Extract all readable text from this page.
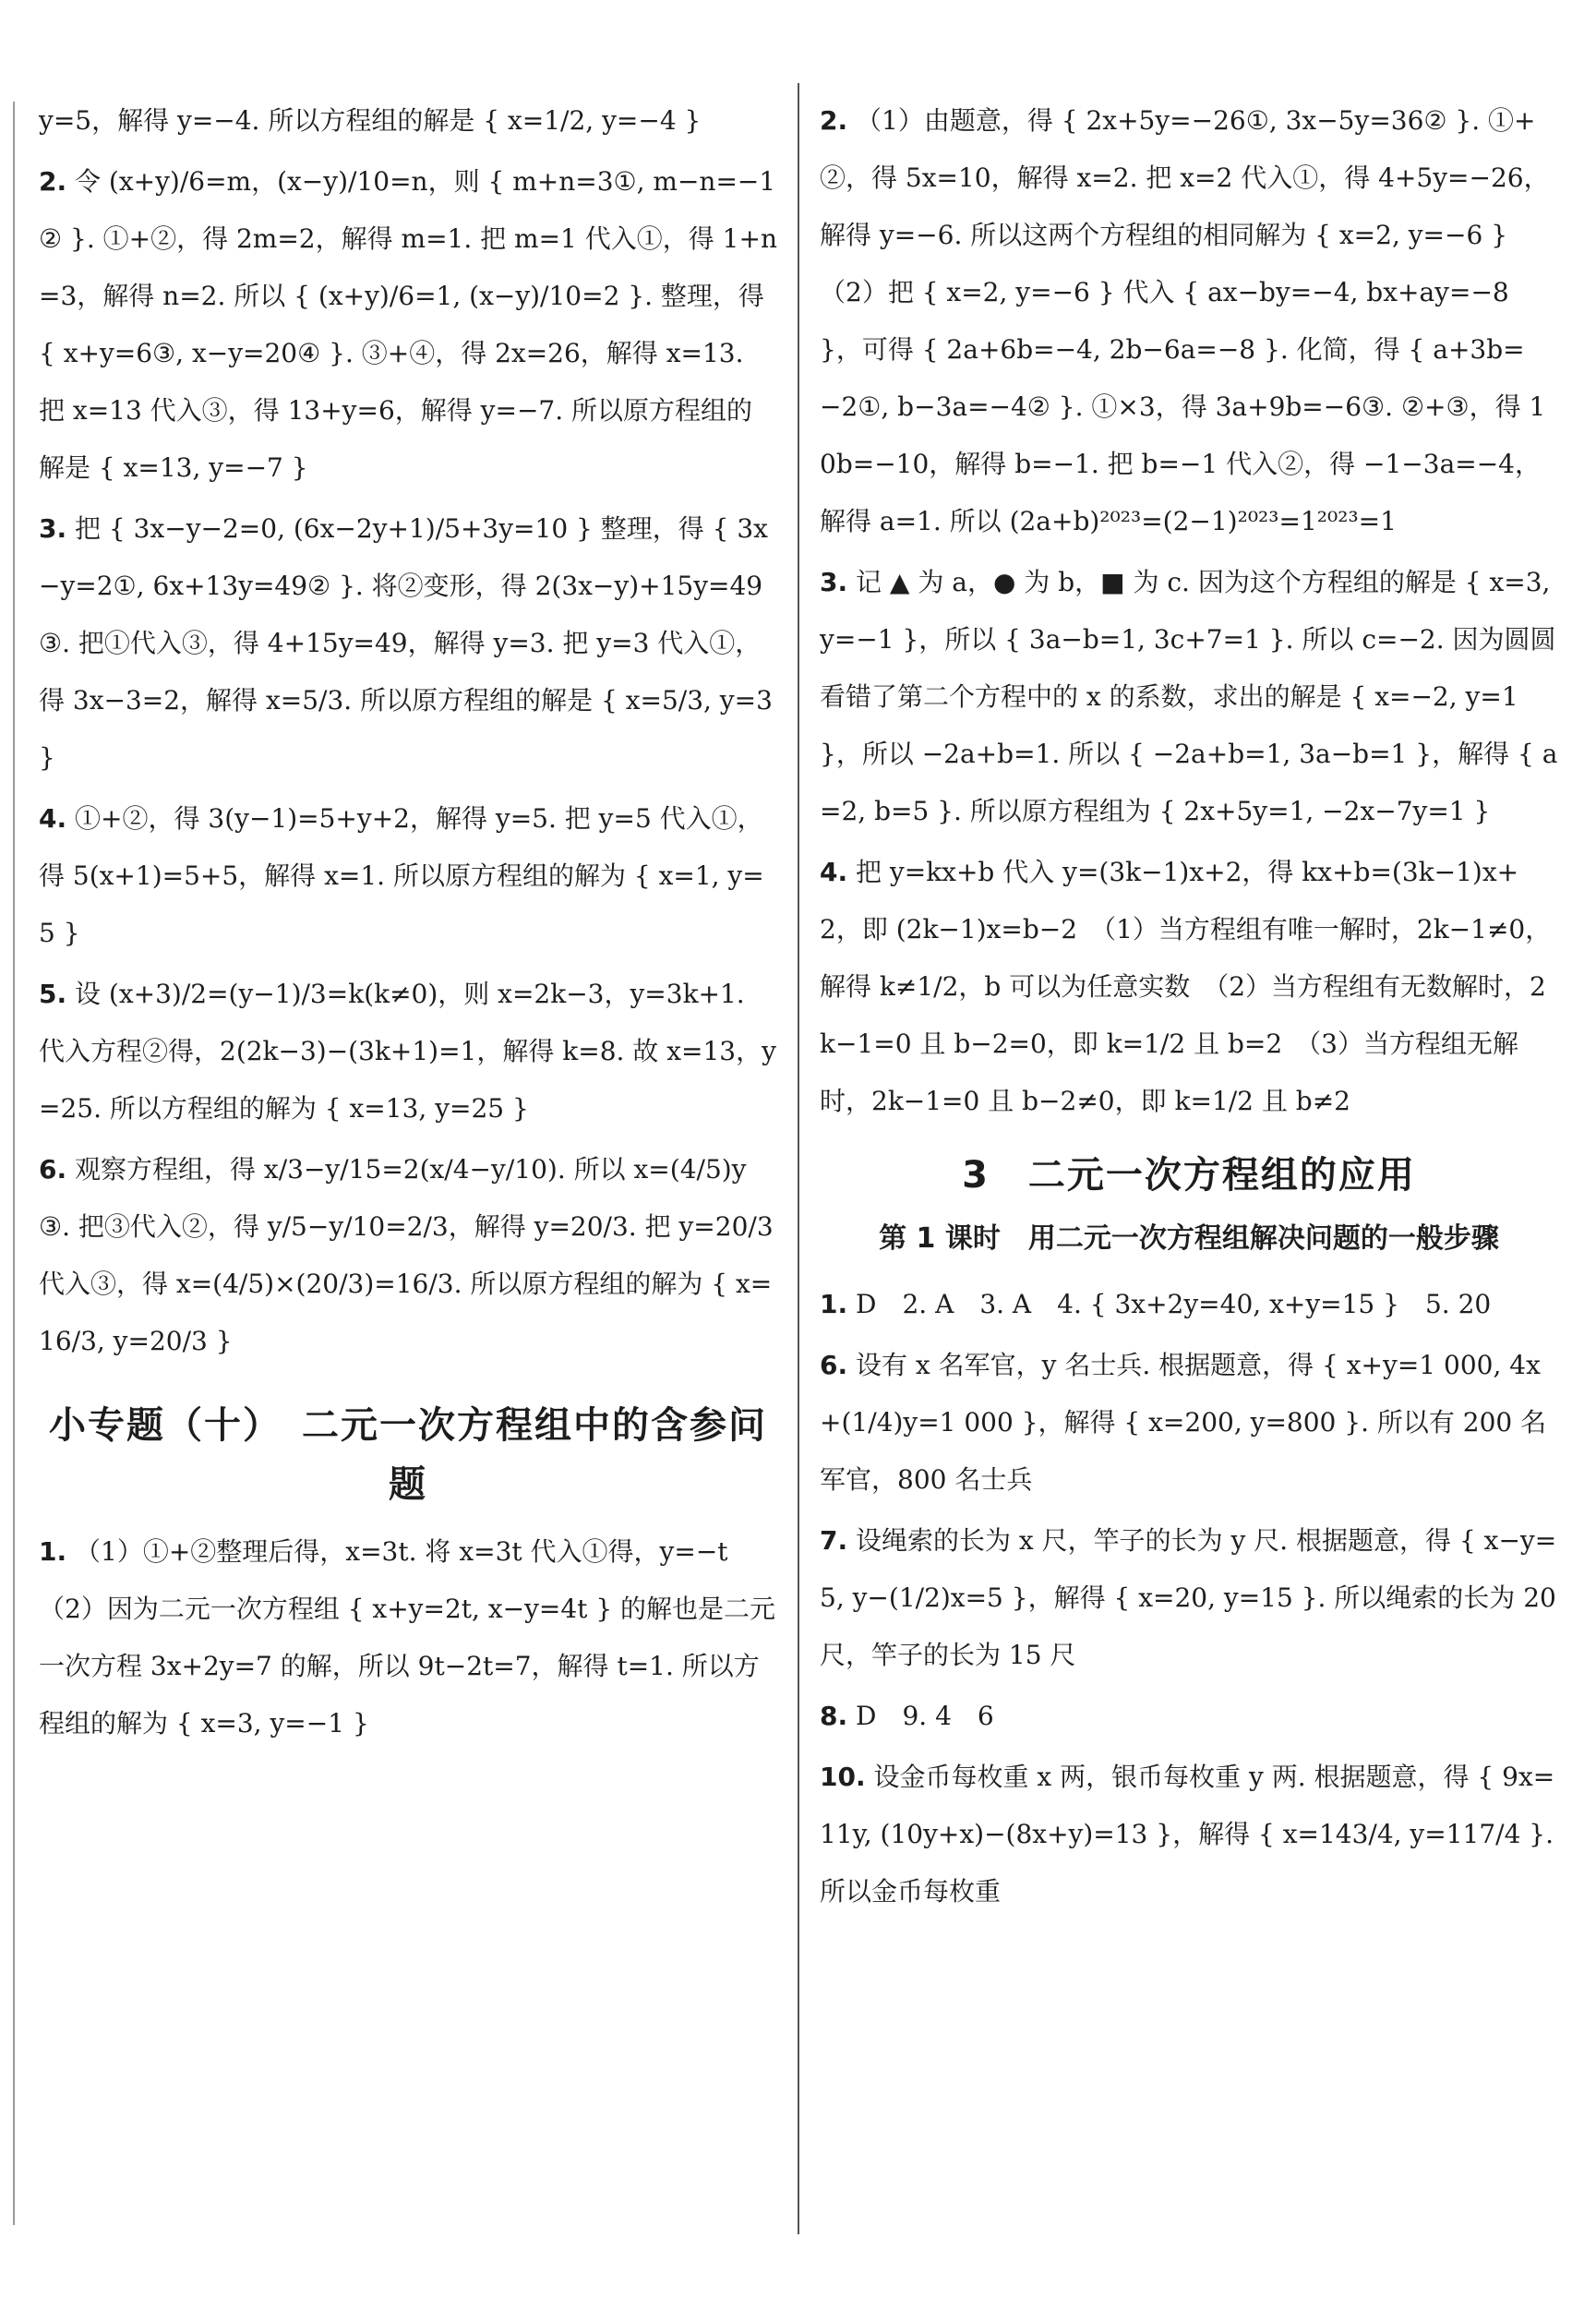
y=5，解得 y=−4. 所以方程组的解是 { x=1/2, y=−4 }

2. 令 (x+y)/6=m，(x−y)/10=n，则 { m+n=3①, m−n=−1② }. ①+②，得 2m=2，解得 m=1. 把 m=1 代入①，得 1+n=3，解得 n=2. 所以 { (x+y)/6=1, (x−y)/10=2 }. 整理，得 { x+y=6③, x−y=20④ }. ③+④，得 2x=26，解得 x=13. 把 x=13 代入③，得 13+y=6，解得 y=−7. 所以原方程组的解是 { x=13, y=−7 }

3. 把 { 3x−y−2=0, (6x−2y+1)/5+3y=10 } 整理，得 { 3x−y=2①, 6x+13y=49② }. 将②变形，得 2(3x−y)+15y=49③. 把①代入③，得 4+15y=49，解得 y=3. 把 y=3 代入①，得 3x−3=2，解得 x=5/3. 所以原方程组的解是 { x=5/3, y=3 }

4. ①+②，得 3(y−1)=5+y+2，解得 y=5. 把 y=5 代入①，得 5(x+1)=5+5，解得 x=1. 所以原方程组的解为 { x=1, y=5 }

5. 设 (x+3)/2=(y−1)/3=k(k≠0)，则 x=2k−3，y=3k+1. 代入方程②得，2(2k−3)−(3k+1)=1，解得 k=8. 故 x=13，y=25. 所以方程组的解为 { x=13, y=25 }

6. 观察方程组，得 x/3−y/15=2(x/4−y/10). 所以 x=(4/5)y③. 把③代入②，得 y/5−y/10=2/3，解得 y=20/3. 把 y=20/3 代入③，得 x=(4/5)×(20/3)=16/3. 所以原方程组的解为 { x=16/3, y=20/3 }

小专题（十）　二元一次方程组中的含参问题

1. （1）①+②整理后得，x=3t. 将 x=3t 代入①得，y=−t　（2）因为二元一次方程组 { x+y=2t, x−y=4t } 的解也是二元一次方程 3x+2y=7 的解，所以 9t−2t=7，解得 t=1. 所以方程组的解为 { x=3, y=−1 }

2. （1）由题意，得 { 2x+5y=−26①, 3x−5y=36② }. ①+②，得 5x=10，解得 x=2. 把 x=2 代入①，得 4+5y=−26，解得 y=−6. 所以这两个方程组的相同解为 { x=2, y=−6 }　（2）把 { x=2, y=−6 } 代入 { ax−by=−4, bx+ay=−8 }，可得 { 2a+6b=−4, 2b−6a=−8 }. 化简，得 { a+3b=−2①, b−3a=−4② }. ①×3，得 3a+9b=−6③. ②+③，得 10b=−10，解得 b=−1. 把 b=−1 代入②，得 −1−3a=−4，解得 a=1. 所以 (2a+b)²⁰²³=(2−1)²⁰²³=1²⁰²³=1

3. 记 ▲ 为 a，● 为 b，■ 为 c. 因为这个方程组的解是 { x=3, y=−1 }，所以 { 3a−b=1, 3c+7=1 }. 所以 c=−2. 因为圆圆看错了第二个方程中的 x 的系数，求出的解是 { x=−2, y=1 }，所以 −2a+b=1. 所以 { −2a+b=1, 3a−b=1 }，解得 { a=2, b=5 }. 所以原方程组为 { 2x+5y=1, −2x−7y=1 }

4. 把 y=kx+b 代入 y=(3k−1)x+2，得 kx+b=(3k−1)x+2，即 (2k−1)x=b−2　（1）当方程组有唯一解时，2k−1≠0，解得 k≠1/2，b 可以为任意实数　（2）当方程组有无数解时，2k−1=0 且 b−2=0，即 k=1/2 且 b=2　（3）当方程组无解时，2k−1=0 且 b−2≠0，即 k=1/2 且 b≠2

3　二元一次方程组的应用
第 1 课时　用二元一次方程组解决问题的一般步骤

1. D　2. A　3. A　4. { 3x+2y=40, x+y=15 }　5. 20

6. 设有 x 名军官，y 名士兵. 根据题意，得 { x+y=1 000, 4x+(1/4)y=1 000 }，解得 { x=200, y=800 }. 所以有 200 名军官，800 名士兵

7. 设绳索的长为 x 尺，竿子的长为 y 尺. 根据题意，得 { x−y=5, y−(1/2)x=5 }，解得 { x=20, y=15 }. 所以绳索的长为 20 尺，竿子的长为 15 尺

8. D　9. 4　6

10. 设金币每枚重 x 两，银币每枚重 y 两. 根据题意，得 { 9x=11y, (10y+x)−(8x+y)=13 }，解得 { x=143/4, y=117/4 }. 所以金币每枚重
